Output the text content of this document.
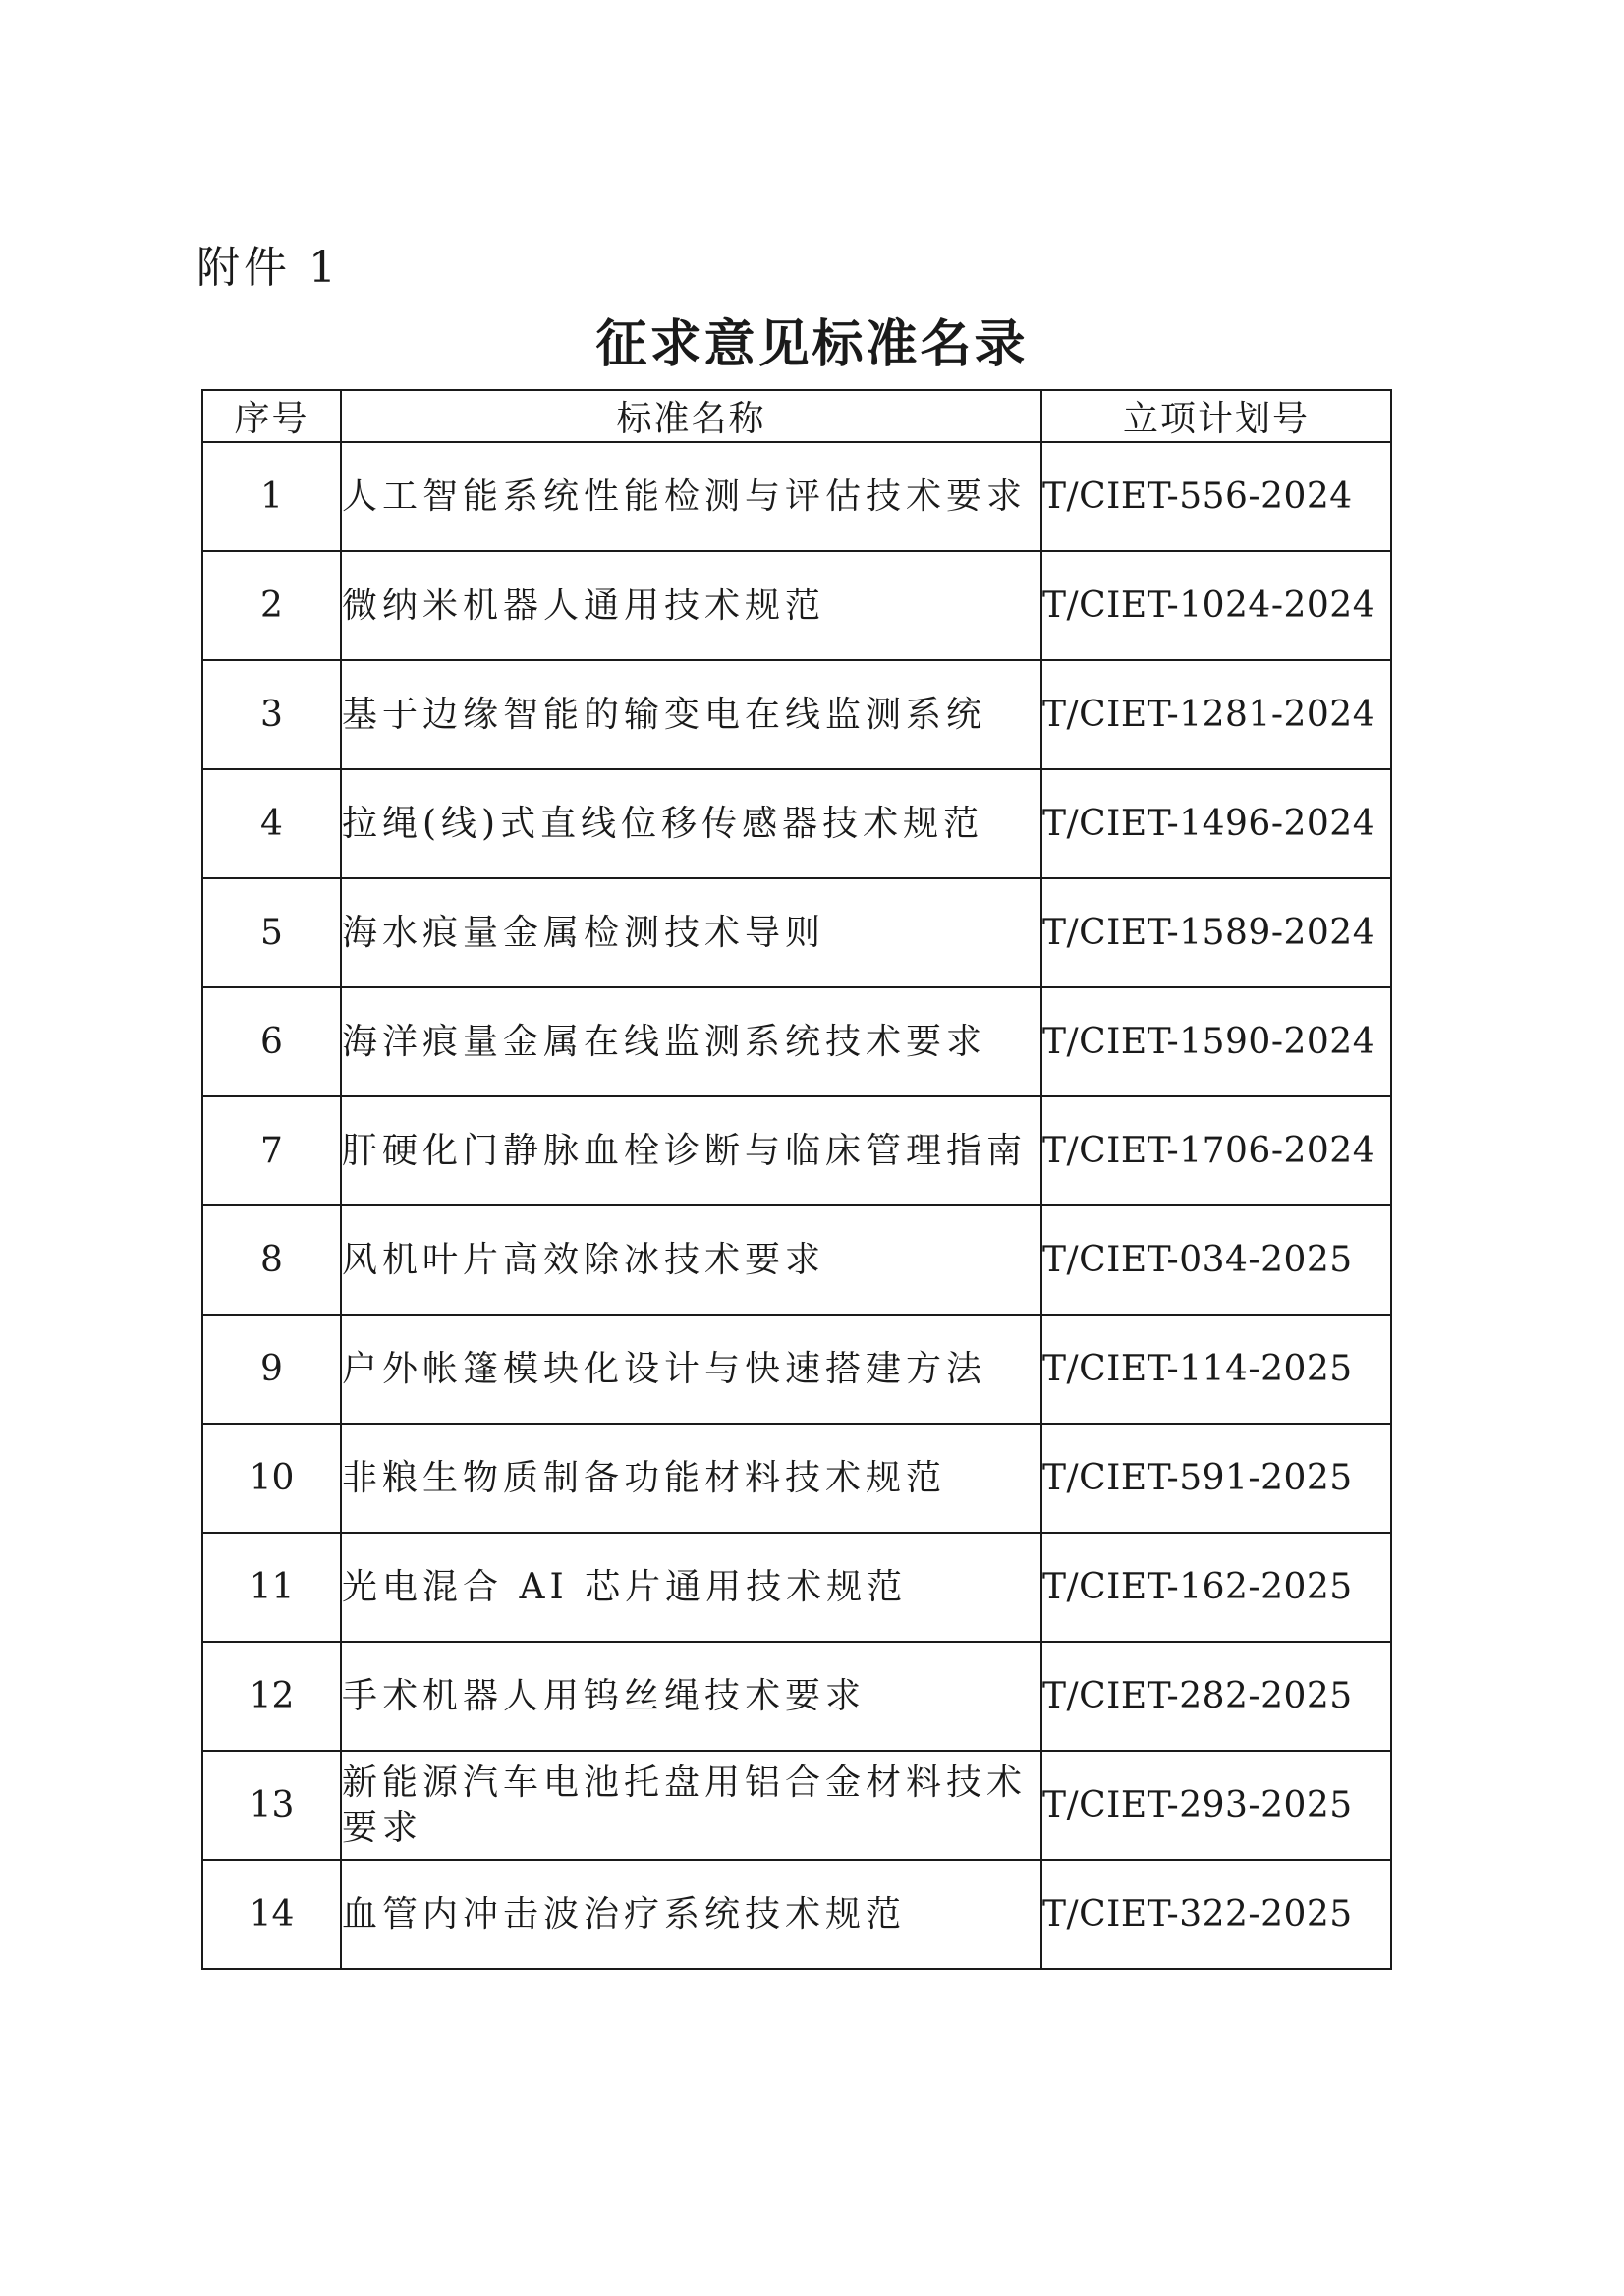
附件 1
征求意见标准名录
序号	标准名称	立项计划号
1	人工智能系统性能检测与评估技术要求	T/CIET-556-2024
2	微纳米机器人通用技术规范	T/CIET-1024-2024
3	基于边缘智能的输变电在线监测系统	T/CIET-1281-2024
4	拉绳(线)式直线位移传感器技术规范	T/CIET-1496-2024
5	海水痕量金属检测技术导则	T/CIET-1589-2024
6	海洋痕量金属在线监测系统技术要求	T/CIET-1590-2024
7	肝硬化门静脉血栓诊断与临床管理指南	T/CIET-1706-2024
8	风机叶片高效除冰技术要求	T/CIET-034-2025
9	户外帐篷模块化设计与快速搭建方法	T/CIET-114-2025
10	非粮生物质制备功能材料技术规范	T/CIET-591-2025
11	光电混合 AI 芯片通用技术规范	T/CIET-162-2025
12	手术机器人用钨丝绳技术要求	T/CIET-282-2025
13	新能源汽车电池托盘用铝合金材料技术要求	T/CIET-293-2025
14	血管内冲击波治疗系统技术规范	T/CIET-322-2025
